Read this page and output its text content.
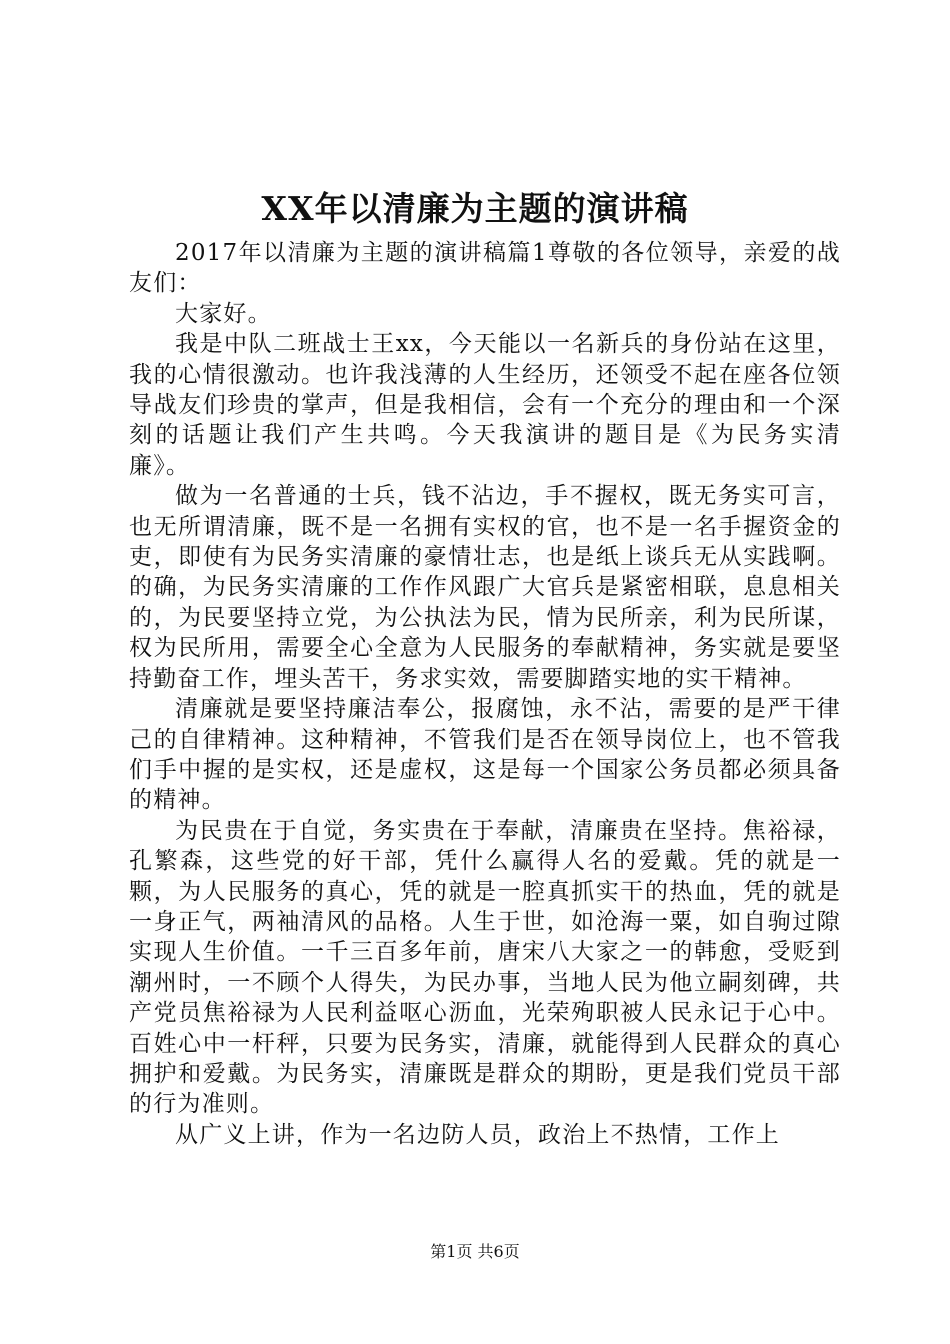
XX年以清廉为主题的演讲稿

2017年以清廉为主题的演讲稿篇1尊敬的各位领导，亲爱的战友们：

大家好。

我是中队二班战士王xx，今天能以一名新兵的身份站在这里，我的心情很激动。也许我浅薄的人生经历，还领受不起在座各位领导战友们珍贵的掌声，但是我相信，会有一个充分的理由和一个深刻的话题让我们产生共鸣。今天我演讲的题目是《为民务实清廉》。

做为一名普通的士兵，钱不沾边，手不握权，既无务实可言，也无所谓清廉，既不是一名拥有实权的官，也不是一名手握资金的吏，即使有为民务实清廉的豪情壮志，也是纸上谈兵无从实践啊。的确，为民务实清廉的工作作风跟广大官兵是紧密相联，息息相关的，为民要坚持立党，为公执法为民，情为民所亲，利为民所谋，权为民所用，需要全心全意为人民服务的奉献精神，务实就是要坚持勤奋工作，埋头苦干，务求实效，需要脚踏实地的实干精神。

清廉就是要坚持廉洁奉公，报腐蚀，永不沾，需要的是严干律己的自律精神。这种精神，不管我们是否在领导岗位上，也不管我们手中握的是实权，还是虚权，这是每一个国家公务员都必须具备的精神。

为民贵在于自觉，务实贵在于奉献，清廉贵在坚持。焦裕禄，孔繁森，这些党的好干部，凭什么赢得人名的爱戴。凭的就是一颗，为人民服务的真心，凭的就是一腔真抓实干的热血，凭的就是一身正气，两袖清风的品格。人生于世，如沧海一粟，如自驹过隙实现人生价值。一千三百多年前，唐宋八大家之一的韩愈，受贬到潮州时，一不顾个人得失，为民办事，当地人民为他立嗣刻碑，共产党员焦裕禄为人民利益呕心沥血，光荣殉职被人民永记于心中。百姓心中一杆秤，只要为民务实，清廉，就能得到人民群众的真心拥护和爱戴。为民务实，清廉既是群众的期盼，更是我们党员干部的行为准则。

从广义上讲，作为一名边防人员，政治上不热情，工作上

第1页 共6页
